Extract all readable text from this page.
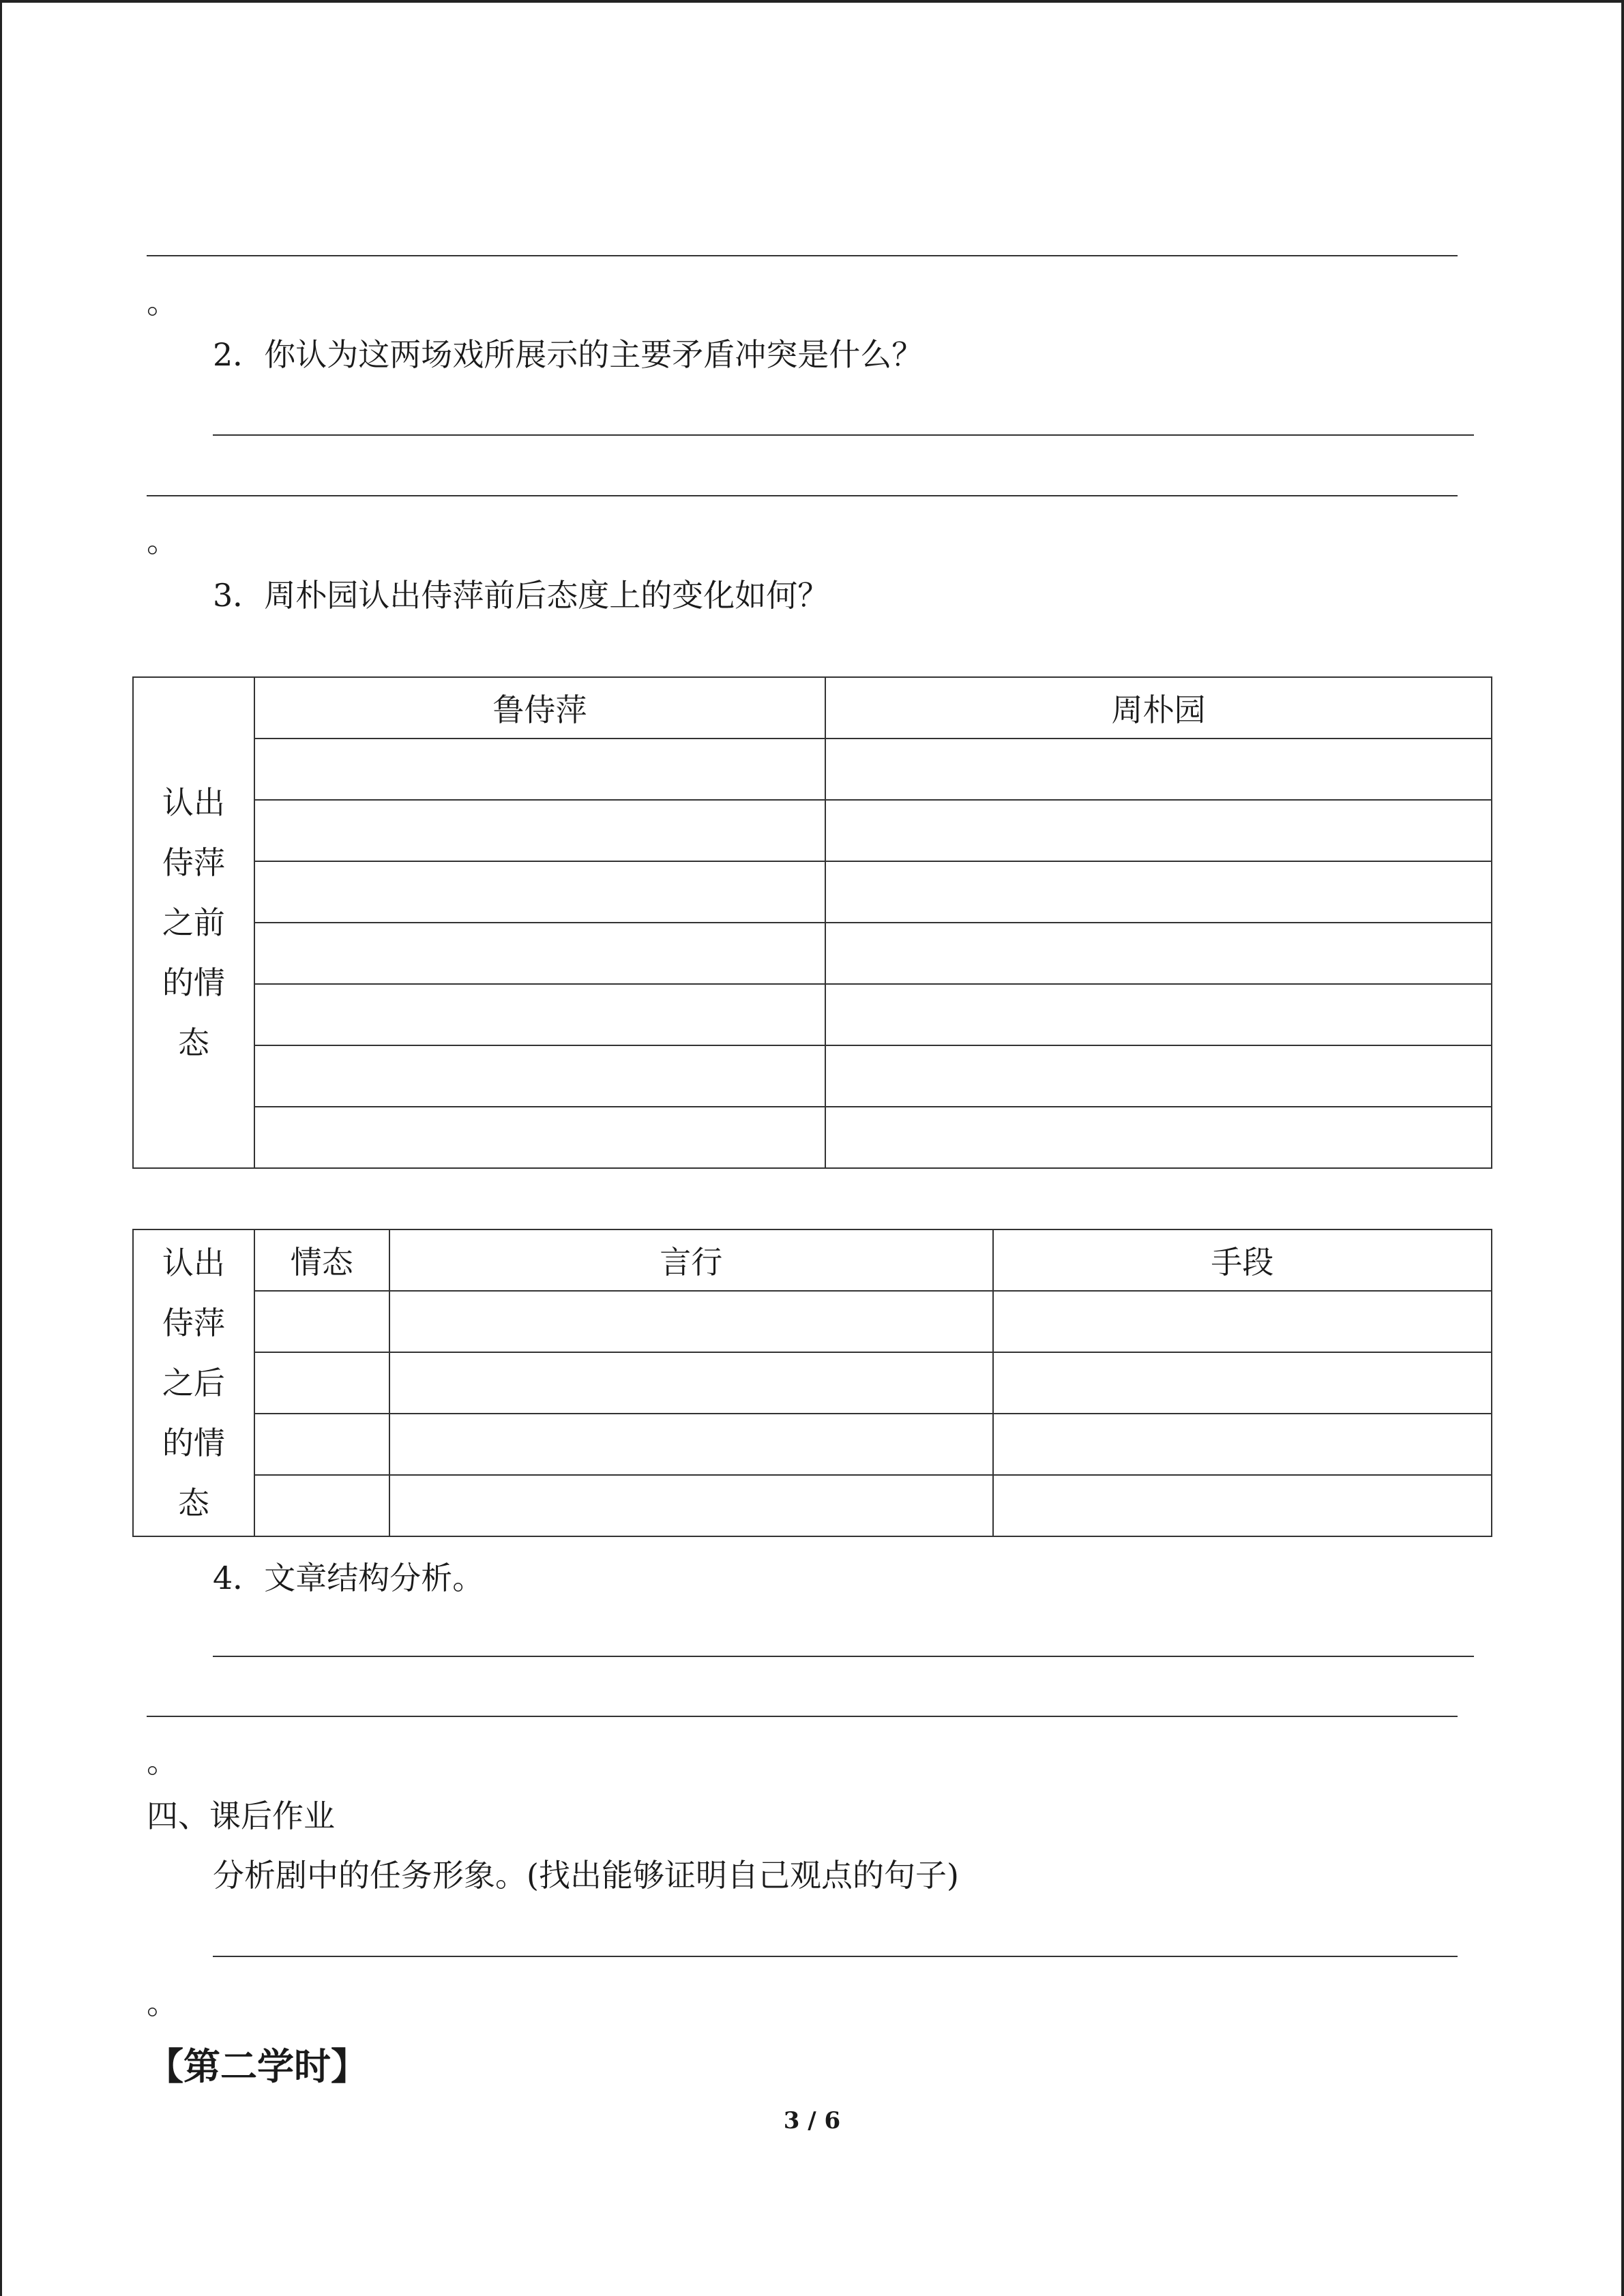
。
2．你认为这两场戏所展示的主要矛盾冲突是什么？
。
3．周朴园认出侍萍前后态度上的变化如何？
认出
侍萍
之前
的情
态	鲁侍萍	周朴园

认出
侍萍
之后
的情
态	情态	言行	手段

4．文章结构分析。
。
四、课后作业
分析剧中的任务形象。(找出能够证明自己观点的句子)
。
【第二学时】
3 / 6
